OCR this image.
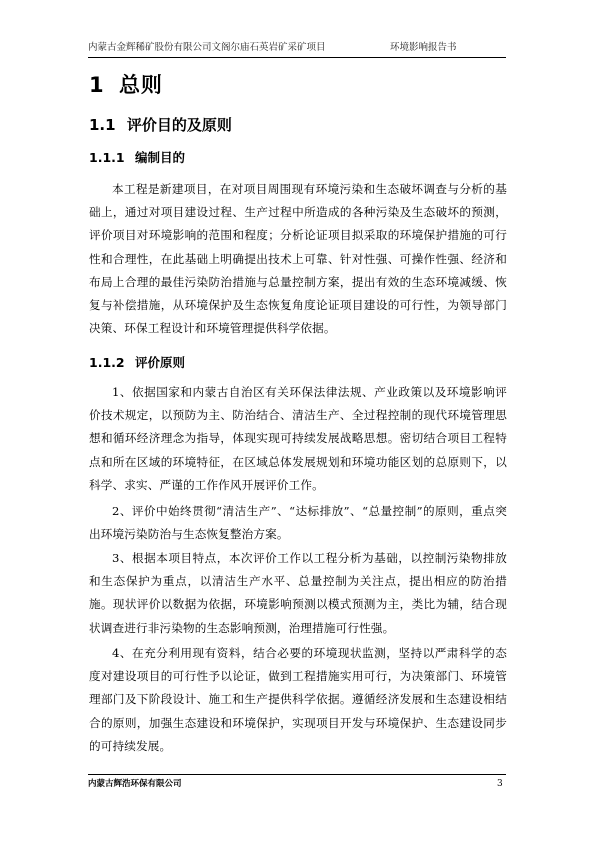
内蒙古金辉稀矿股份有限公司文阁尔庙石英岩矿采矿项目	环境影响报告书
1 总则
1.1 评价目的及原则
1.1.1 编制目的

本工程是新建项目，在对项目周围现有环境污染和生态破坏调查与分析的基础上，通过对项目建设过程、生产过程中所造成的各种污染及生态破坏的预测，评价项目对环境影响的范围和程度；分析论证项目拟采取的环境保护措施的可行性和合理性，在此基础上明确提出技术上可靠、针对性强、可操作性强、经济和布局上合理的最佳污染防治措施与总量控制方案，提出有效的生态环境减缓、恢复与补偿措施，从环境保护及生态恢复角度论证项目建设的可行性，为领导部门决策、环保工程设计和环境管理提供科学依据。

1.1.2 评价原则

1、依据国家和内蒙古自治区有关环保法律法规、产业政策以及环境影响评价技术规定，以预防为主、防治结合、清洁生产、全过程控制的现代环境管理思想和循环经济理念为指导，体现实现可持续发展战略思想。密切结合项目工程特点和所在区域的环境特征，在区域总体发展规划和环境功能区划的总原则下，以科学、求实、严谨的工作作风开展评价工作。

2、评价中始终贯彻“清洁生产”、“达标排放”、“总量控制”的原则，重点突出环境污染防治与生态恢复整治方案。

3、根据本项目特点，本次评价工作以工程分析为基础，以控制污染物排放和生态保护为重点，以清洁生产水平、总量控制为关注点，提出相应的防治措施。现状评价以数据为依据，环境影响预测以模式预测为主，类比为辅，结合现状调查进行非污染物的生态影响预测，治理措施可行性强。

4、在充分利用现有资料，结合必要的环境现状监测，坚持以严肃科学的态度对建设项目的可行性予以论证，做到工程措施实用可行，为决策部门、环境管理部门及下阶段设计、施工和生产提供科学依据。遵循经济发展和生态建设相结合的原则，加强生态建设和环境保护，实现项目开发与环境保护、生态建设同步的可持续发展。

内蒙古辉浩环保有限公司	3
